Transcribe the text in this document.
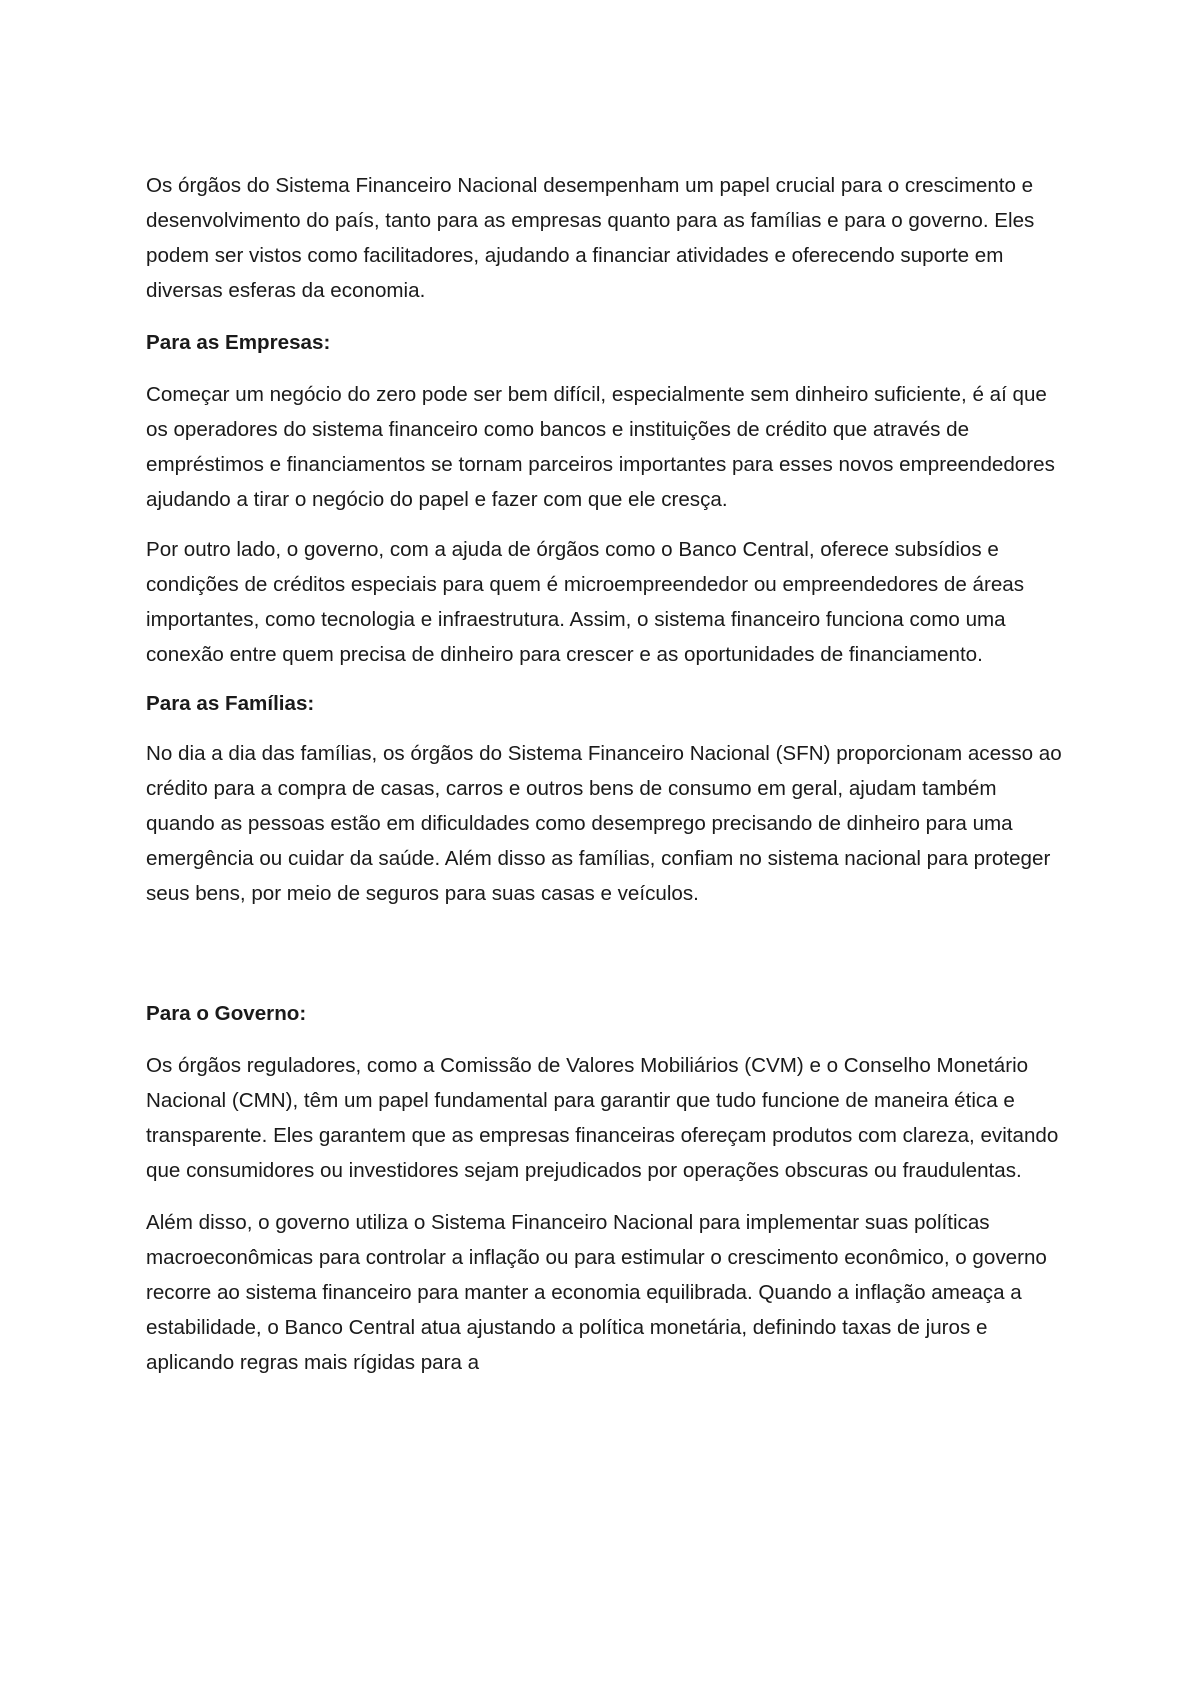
Os órgãos do Sistema Financeiro Nacional desempenham um papel crucial para o crescimento e desenvolvimento do país, tanto para as empresas quanto para as famílias e para o governo. Eles podem ser vistos como facilitadores, ajudando a financiar atividades e oferecendo suporte em diversas esferas da economia.

Para as Empresas:

Começar um negócio do zero pode ser bem difícil, especialmente sem dinheiro suficiente, é aí que os operadores do sistema financeiro como bancos e instituições de crédito que através de empréstimos e financiamentos se tornam parceiros importantes para esses novos empreendedores ajudando a tirar o negócio do papel e fazer com que ele cresça.

Por outro lado, o governo, com a ajuda de órgãos como o Banco Central, oferece subsídios e condições de créditos especiais para quem é microempreendedor ou empreendedores de áreas importantes, como tecnologia e infraestrutura. Assim, o sistema financeiro funciona como uma conexão entre quem precisa de dinheiro para crescer e as oportunidades de financiamento.

Para as Famílias:

No dia a dia das famílias, os órgãos do Sistema Financeiro Nacional (SFN) proporcionam acesso ao crédito para a compra de casas, carros e outros bens de consumo em geral, ajudam também quando as pessoas estão em dificuldades como desemprego precisando de dinheiro para uma emergência ou cuidar da saúde. Além disso as famílias, confiam no sistema nacional para proteger seus bens, por meio de seguros para suas casas e veículos.

Para o Governo:

Os órgãos reguladores, como a Comissão de Valores Mobiliários (CVM) e o Conselho Monetário Nacional (CMN), têm um papel fundamental para garantir que tudo funcione de maneira ética e transparente. Eles garantem que as empresas financeiras ofereçam produtos com clareza, evitando que consumidores ou investidores sejam prejudicados por operações obscuras ou fraudulentas.

Além disso, o governo utiliza o Sistema Financeiro Nacional para implementar suas políticas macroeconômicas para controlar a inflação ou para estimular o crescimento econômico, o governo recorre ao sistema financeiro para manter a economia equilibrada. Quando a inflação ameaça a estabilidade, o Banco Central atua ajustando a política monetária, definindo taxas de juros e aplicando regras mais rígidas para a
